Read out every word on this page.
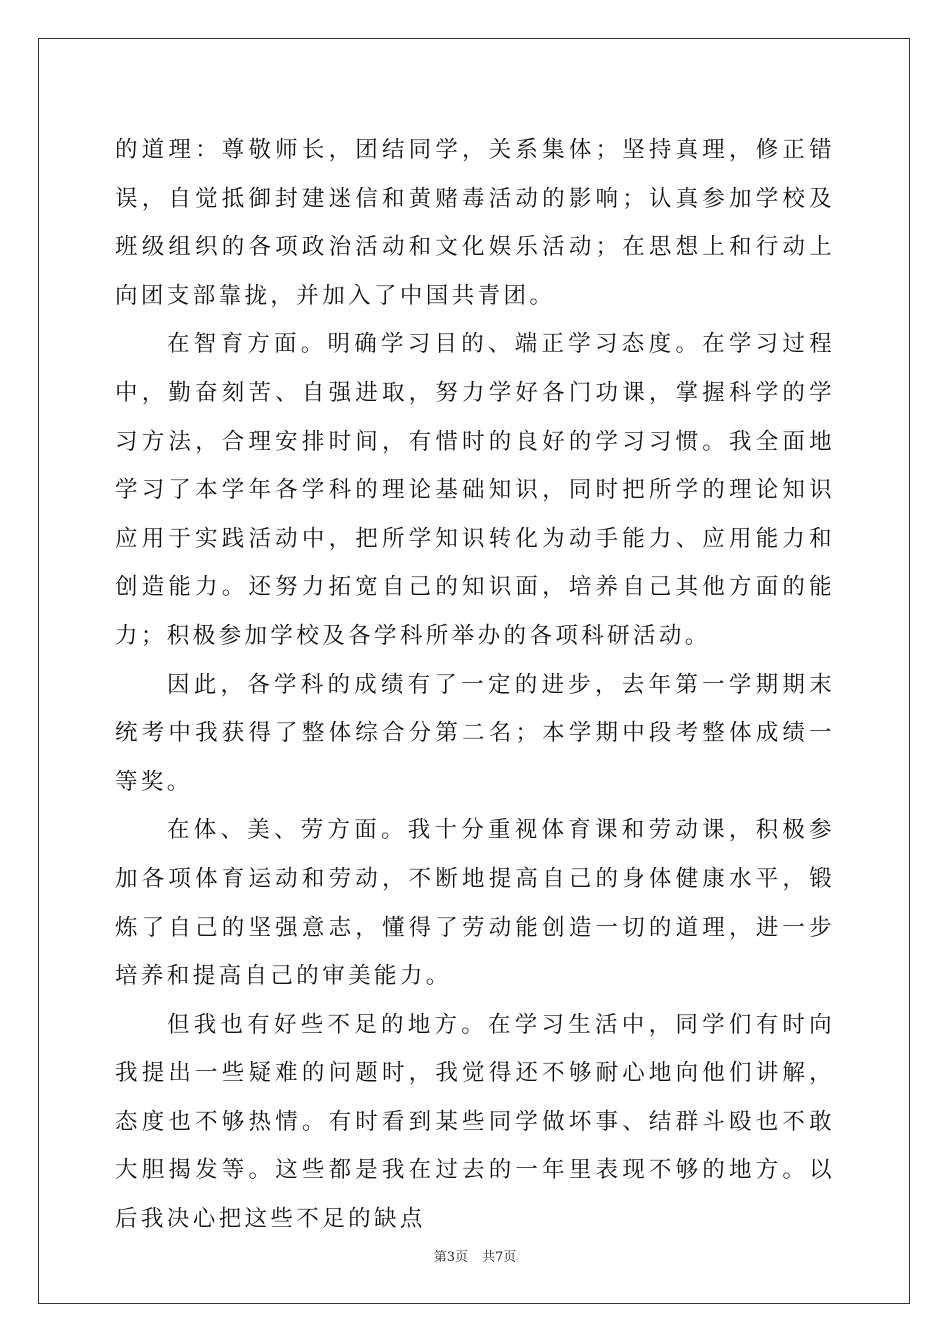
的道理：尊敬师长，团结同学，关系集体；坚持真理，修正错误，自觉抵御封建迷信和黄赌毒活动的影响；认真参加学校及班级组织的各项政治活动和文化娱乐活动；在思想上和行动上向团支部靠拢，并加入了中国共青团。

在智育方面。明确学习目的、端正学习态度。在学习过程中，勤奋刻苦、自强进取，努力学好各门功课，掌握科学的学习方法，合理安排时间，有惜时的良好的学习习惯。我全面地学习了本学年各学科的理论基础知识，同时把所学的理论知识应用于实践活动中，把所学知识转化为动手能力、应用能力和创造能力。还努力拓宽自己的知识面，培养自己其他方面的能力；积极参加学校及各学科所举办的各项科研活动。

因此，各学科的成绩有了一定的进步，去年第一学期期末统考中我获得了整体综合分第二名；本学期中段考整体成绩一等奖。

在体、美、劳方面。我十分重视体育课和劳动课，积极参加各项体育运动和劳动，不断地提高自己的身体健康水平，锻炼了自己的坚强意志，懂得了劳动能创造一切的道理，进一步培养和提高自己的审美能力。

但我也有好些不足的地方。在学习生活中，同学们有时向我提出一些疑难的问题时，我觉得还不够耐心地向他们讲解，态度也不够热情。有时看到某些同学做坏事、结群斗殴也不敢大胆揭发等。这些都是我在过去的一年里表现不够的地方。以后我决心把这些不足的缺点

第3页 共7页
